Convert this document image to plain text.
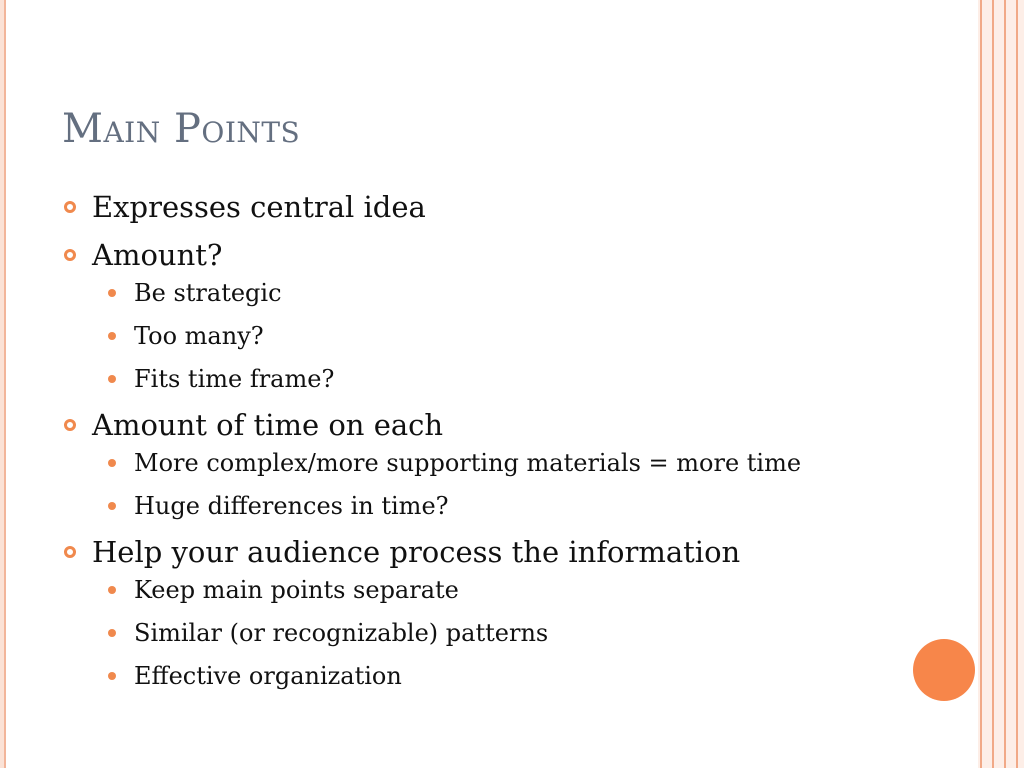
Main Points
Expresses central idea
Amount?
Be strategic
Too many?
Fits time frame?
Amount of time on each
More complex/more supporting materials = more time
Huge differences in time?
Help your audience process the information
Keep main points separate
Similar (or recognizable) patterns
Effective organization
